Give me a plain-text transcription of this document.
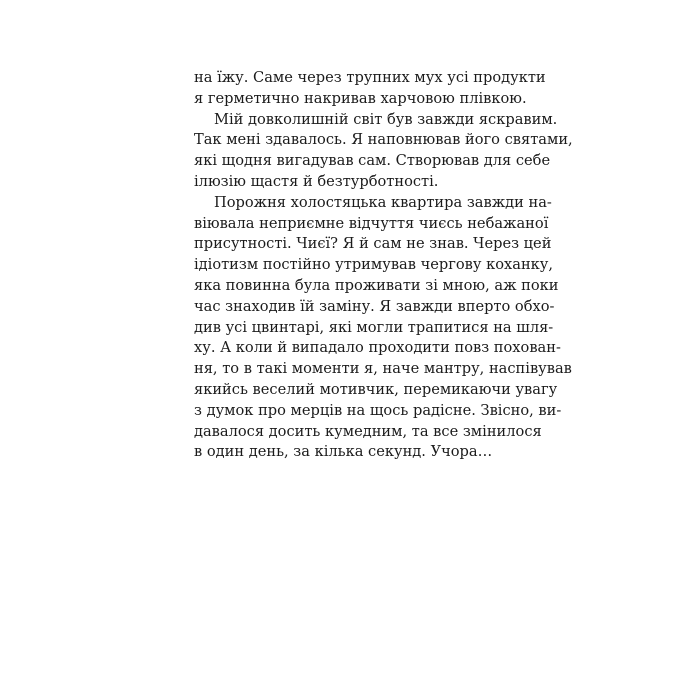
на їжу. Саме через трупних мух усі продукти
я герметично накривав харчовою плівкою.
Мій довколишній світ був завжди яскравим.
Так мені здавалось. Я наповнював його святами,
які щодня вигадував сам. Створював для себе
ілюзію щастя й безтурботності.
Порожня холостяцька квартира завжди на-
віювала неприємне відчуття чиєсь небажаної
присутності. Чиєї? Я й сам не знав. Через цей
ідіотизм постійно утримував чергову коханку,
яка повинна була проживати зі мною, аж поки
час знаходив їй заміну. Я завжди вперто обхо-
див усі цвинтарі, які могли трапитися на шля-
ху. А коли й випадало проходити повз похован-
ня, то в такі моменти я, наче мантру, наспівував
якийсь веселий мотивчик, перемикаючи увагу
з думок про мерців на щось радісне. Звісно, ви-
давалося досить кумедним, та все змінилося
в один день, за кілька секунд. Учора…
